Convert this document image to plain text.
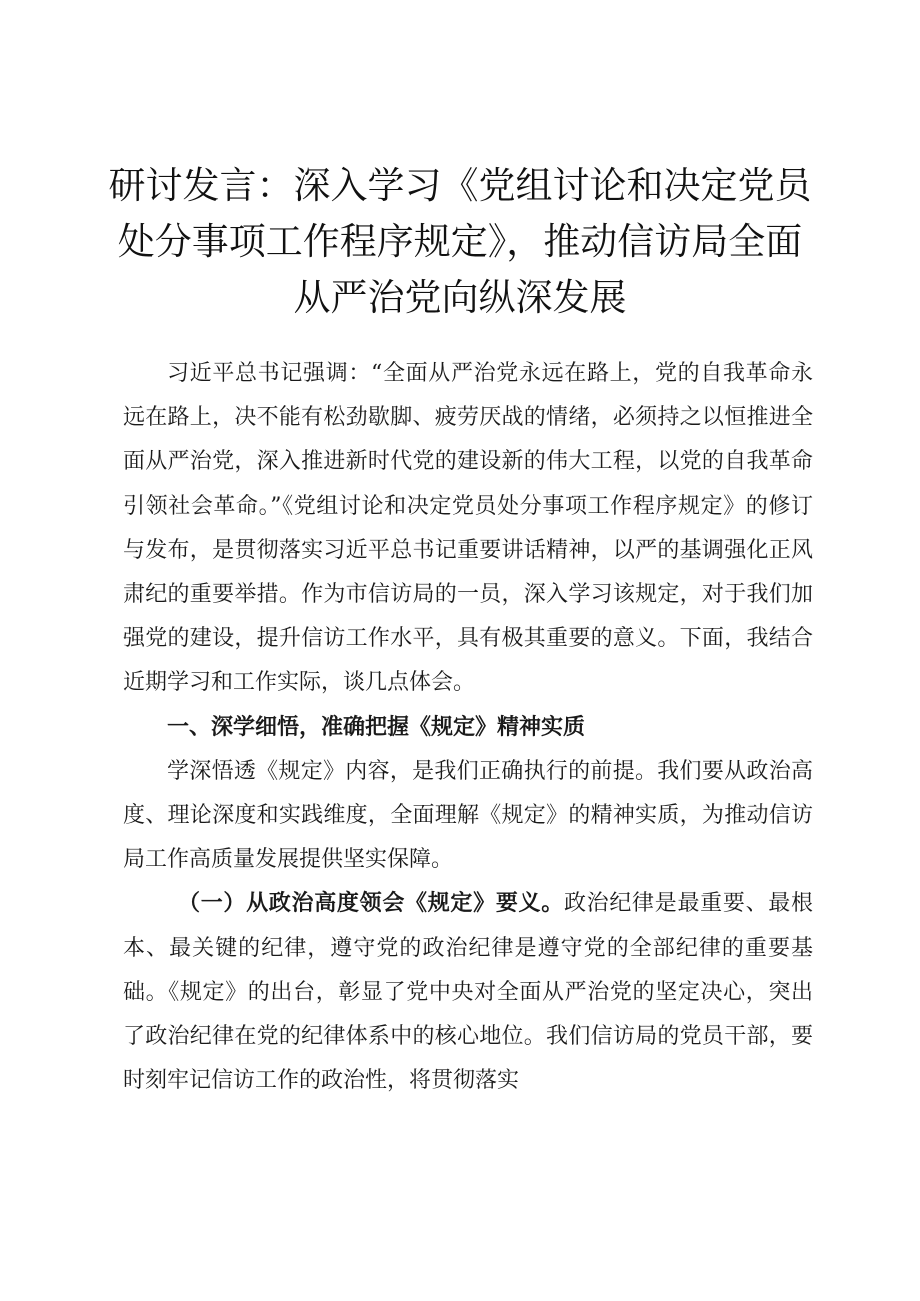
研讨发言：深入学习《党组讨论和决定党员处分事项工作程序规定》，推动信访局全面从严治党向纵深发展

习近平总书记强调：“全面从严治党永远在路上，党的自我革命永远在路上，决不能有松劲歇脚、疲劳厌战的情绪，必须持之以恒推进全面从严治党，深入推进新时代党的建设新的伟大工程，以党的自我革命引领社会革命。”《党组讨论和决定党员处分事项工作程序规定》的修订与发布，是贯彻落实习近平总书记重要讲话精神，以严的基调强化正风肃纪的重要举措。作为市信访局的一员，深入学习该规定，对于我们加强党的建设，提升信访工作水平，具有极其重要的意义。下面，我结合近期学习和工作实际，谈几点体会。

一、深学细悟，准确把握《规定》精神实质

学深悟透《规定》内容，是我们正确执行的前提。我们要从政治高度、理论深度和实践维度，全面理解《规定》的精神实质，为推动信访局工作高质量发展提供坚实保障。

（一）从政治高度领会《规定》要义。政治纪律是最重要、最根本、最关键的纪律，遵守党的政治纪律是遵守党的全部纪律的重要基础。《规定》的出台，彰显了党中央对全面从严治党的坚定决心，突出了政治纪律在党的纪律体系中的核心地位。我们信访局的党员干部，要时刻牢记信访工作的政治性，将贯彻落实
